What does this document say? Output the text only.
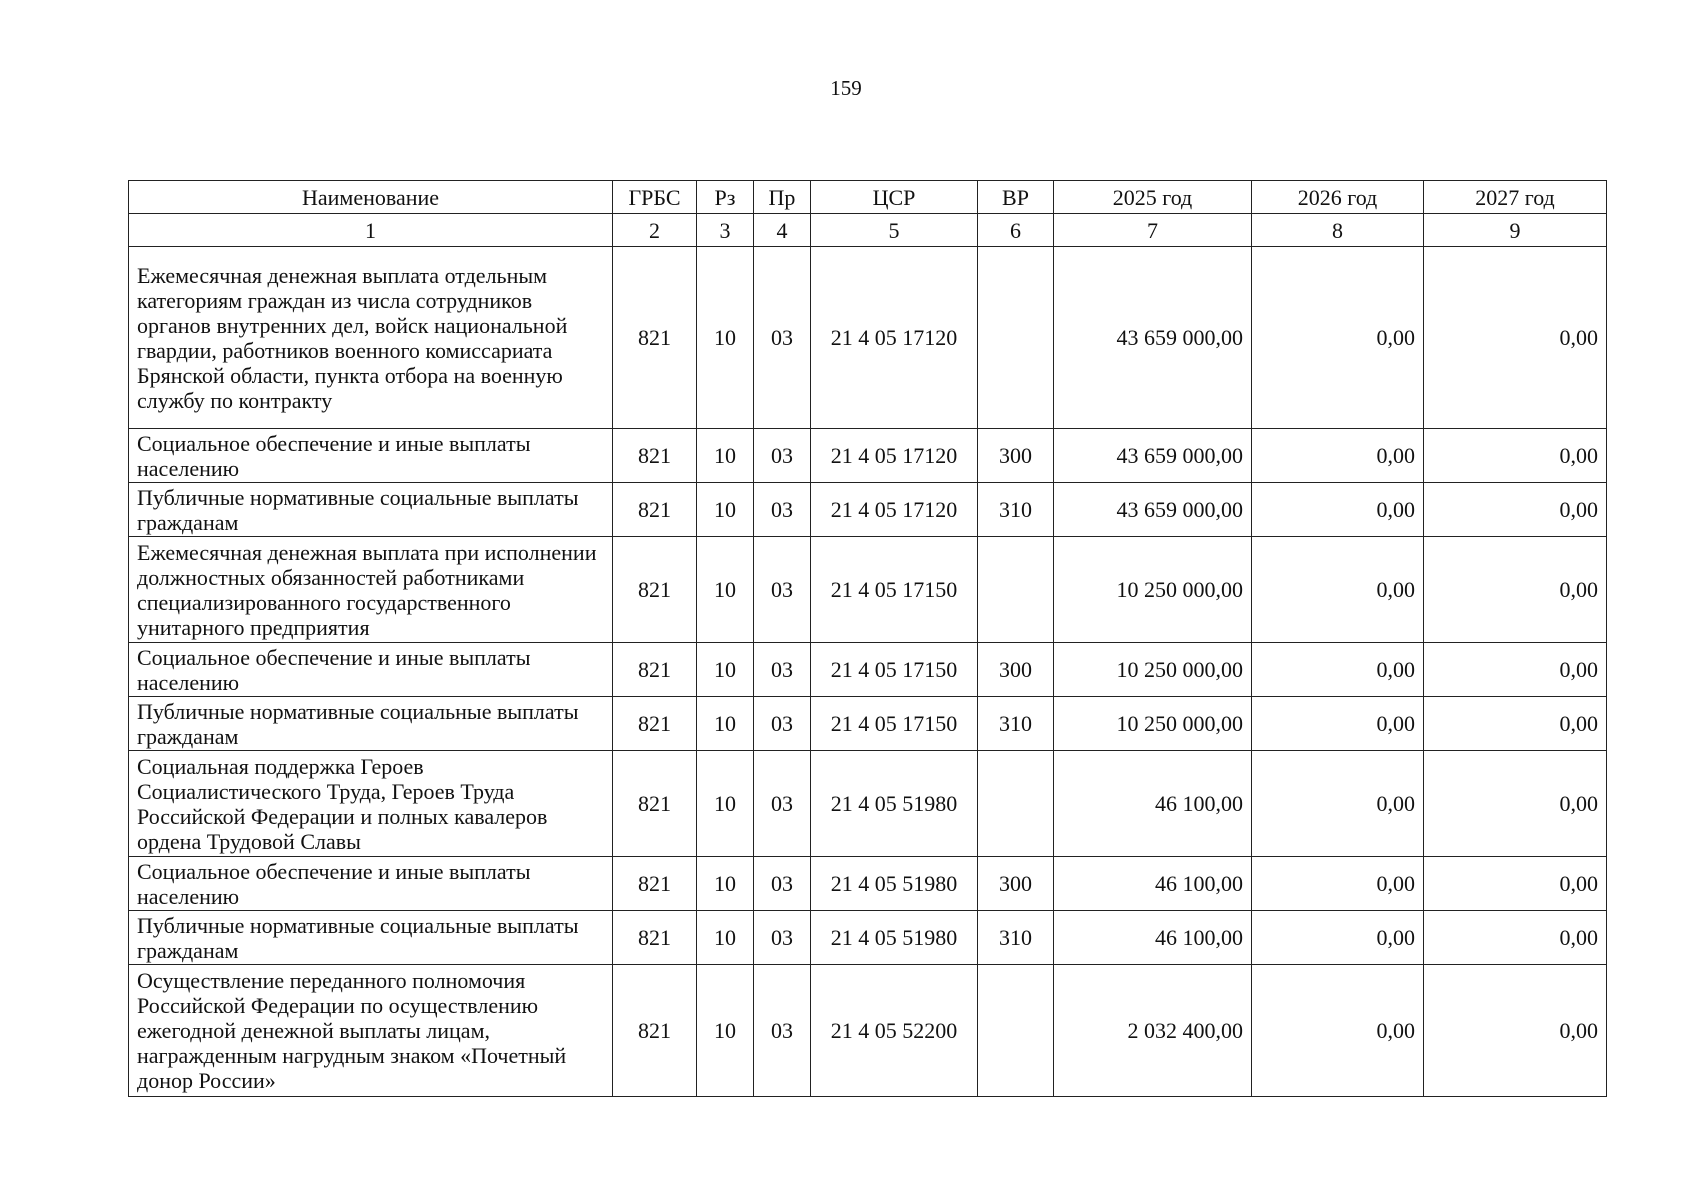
159
Наименование	ГРБС	Рз	Пр	ЦСР	ВР	2025 год	2026 год	2027 год
1	2	3	4	5	6	7	8	9
Ежемесячная денежная выплата отдельным категориям граждан из числа сотрудников органов внутренних дел, войск национальной гвардии, работников военного комиссариата Брянской области, пункта отбора на военную службу по контракту	821	10	03	21 4 05 17120		43 659 000,00	0,00	0,00
Социальное обеспечение и иные выплаты населению	821	10	03	21 4 05 17120	300	43 659 000,00	0,00	0,00
Публичные нормативные социальные выплаты гражданам	821	10	03	21 4 05 17120	310	43 659 000,00	0,00	0,00
Ежемесячная денежная выплата при исполнении должностных обязанностей работниками специализированного государственного унитарного предприятия	821	10	03	21 4 05 17150		10 250 000,00	0,00	0,00
Социальное обеспечение и иные выплаты населению	821	10	03	21 4 05 17150	300	10 250 000,00	0,00	0,00
Публичные нормативные социальные выплаты гражданам	821	10	03	21 4 05 17150	310	10 250 000,00	0,00	0,00
Социальная поддержка Героев Социалистического Труда, Героев Труда Российской Федерации и полных кавалеров ордена Трудовой Славы	821	10	03	21 4 05 51980		46 100,00	0,00	0,00
Социальное обеспечение и иные выплаты населению	821	10	03	21 4 05 51980	300	46 100,00	0,00	0,00
Публичные нормативные социальные выплаты гражданам	821	10	03	21 4 05 51980	310	46 100,00	0,00	0,00
Осуществление переданного полномочия Российской Федерации по осуществлению ежегодной денежной выплаты лицам, награжденным нагрудным знаком «Почетный донор России»	821	10	03	21 4 05 52200		2 032 400,00	0,00	0,00
